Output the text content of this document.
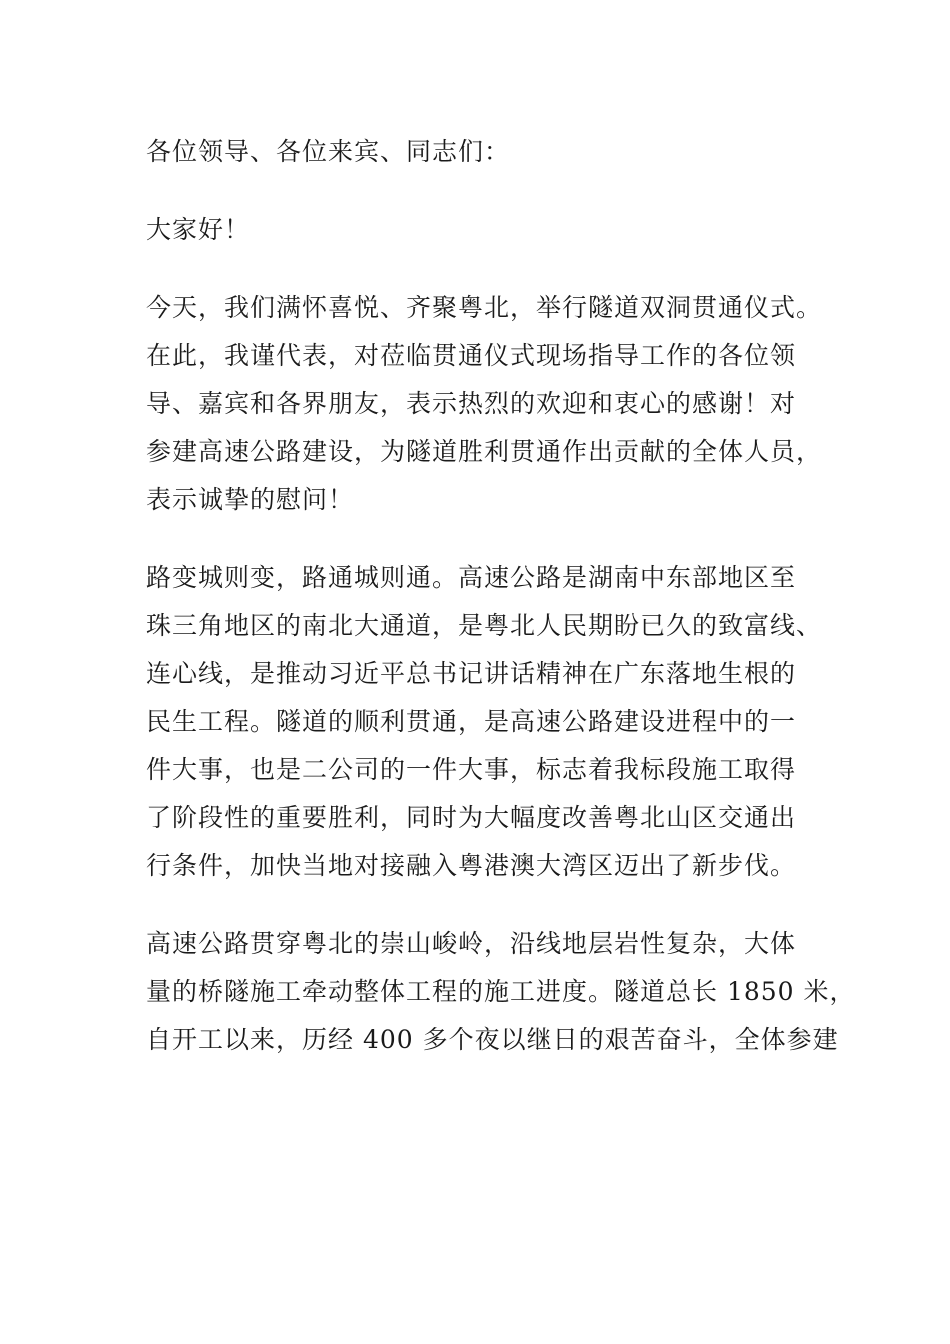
各位领导、各位来宾、同志们：
大家好！
今天，我们满怀喜悦、齐聚粤北，举行隧道双洞贯通仪式。
在此，我谨代表，对莅临贯通仪式现场指导工作的各位领
导、嘉宾和各界朋友，表示热烈的欢迎和衷心的感谢！对
参建高速公路建设，为隧道胜利贯通作出贡献的全体人员，
表示诚挚的慰问！
路变城则变，路通城则通。高速公路是湖南中东部地区至
珠三角地区的南北大通道，是粤北人民期盼已久的致富线、
连心线，是推动习近平总书记讲话精神在广东落地生根的
民生工程。隧道的顺利贯通，是高速公路建设进程中的一
件大事，也是二公司的一件大事，标志着我标段施工取得
了阶段性的重要胜利，同时为大幅度改善粤北山区交通出
行条件，加快当地对接融入粤港澳大湾区迈出了新步伐。
高速公路贯穿粤北的崇山峻岭，沿线地层岩性复杂，大体
量的桥隧施工牵动整体工程的施工进度。隧道总长 1850 米，
自开工以来，历经 400 多个夜以继日的艰苦奋斗，全体参建
